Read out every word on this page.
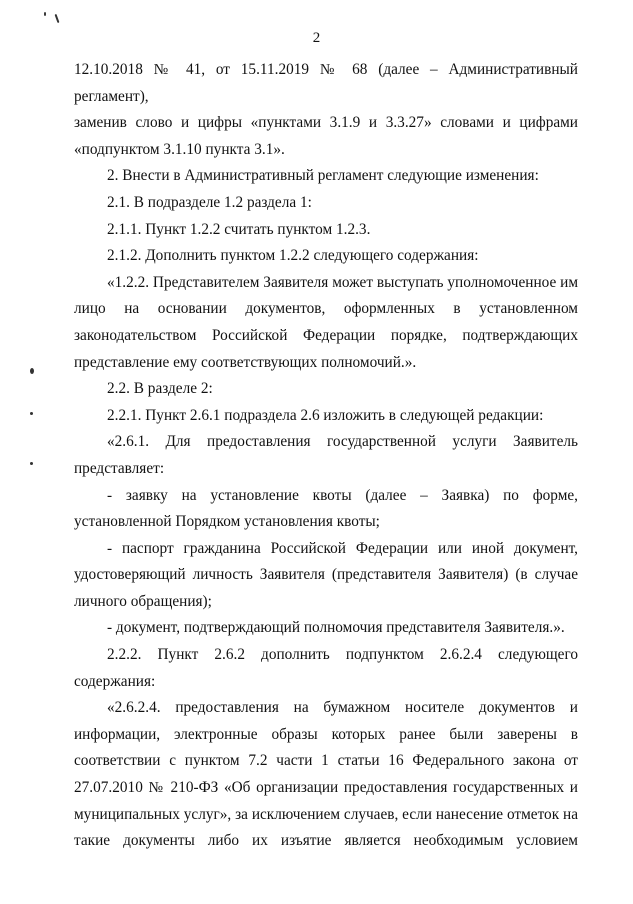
2

12.10.2018 № 41, от 15.11.2019 № 68 (далее – Административный регламент),
заменив слово и цифры «пунктами 3.1.9 и 3.3.27» словами и цифрами
«подпунктом 3.1.10 пункта 3.1».

2. Внести в Административный регламент следующие изменения:

2.1. В подразделе 1.2 раздела 1:

2.1.1. Пункт 1.2.2 считать пунктом 1.2.3.

2.1.2. Дополнить пунктом 1.2.2 следующего содержания:

«1.2.2. Представителем Заявителя может выступать уполномоченное им
лицо на основании документов, оформленных в установленном
законодательством Российской Федерации порядке, подтверждающих
представление ему соответствующих полномочий.».

2.2. В разделе 2:

2.2.1. Пункт 2.6.1 подраздела 2.6 изложить в следующей редакции:

«2.6.1. Для предоставления государственной услуги Заявитель
представляет:

- заявку на установление квоты (далее – Заявка) по форме,
установленной Порядком установления квоты;

- паспорт гражданина Российской Федерации или иной документ,
удостоверяющий личность Заявителя (представителя Заявителя) (в случае
личного обращения);

- документ, подтверждающий полномочия представителя Заявителя.».

2.2.2. Пункт 2.6.2 дополнить подпунктом 2.6.2.4 следующего
содержания:

«2.6.2.4. предоставления на бумажном носителе документов и
информации, электронные образы которых ранее были заверены в
соответствии с пунктом 7.2 части 1 статьи 16 Федерального закона от
27.07.2010 № 210-ФЗ «Об организации предоставления государственных и
муниципальных услуг», за исключением случаев, если нанесение отметок на
такие документы либо их изъятие является необходимым условием
